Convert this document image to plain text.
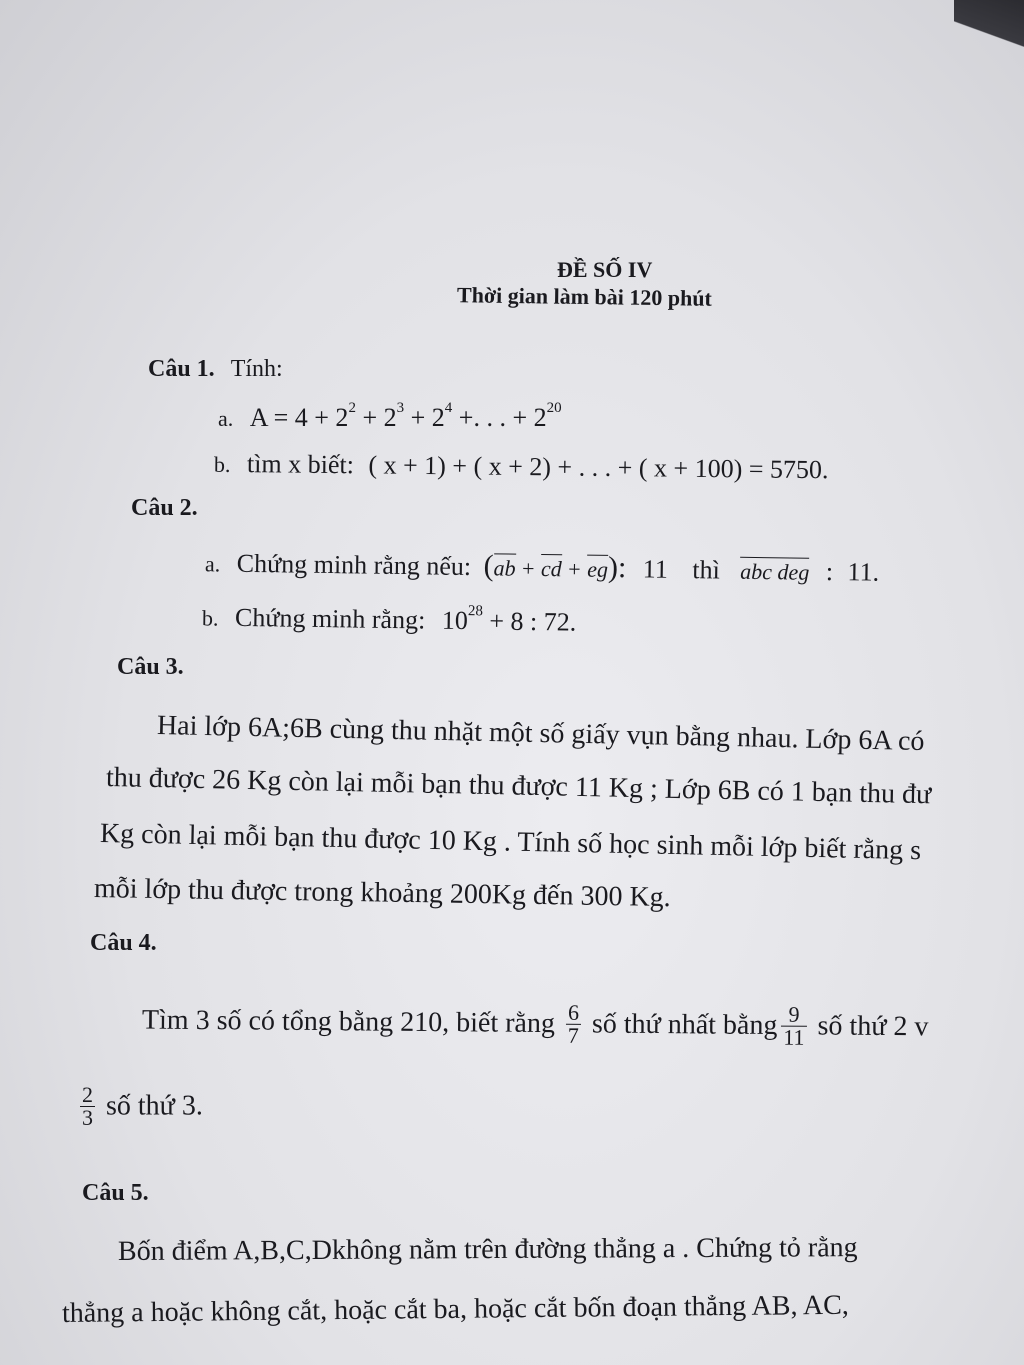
ĐỀ SỐ IV
Thời gian làm bài 120 phút
Câu 1. Tính:
a. $A = 4 + 2^2 + 2^3 + 2^4$ +. . . + $2^{20}$
b. tìm x biết: ( x + 1) + ( x + 2) + . . . + ( x + 100) = 5750.
Câu 2.
a. Chứng minh rằng nếu: (ab + cd + eg): 11 thì abc deg : 11.
b. Chứng minh rằng: $10^{28} + 8$ : 72.
Câu 3.
Hai lớp 6A;6B cùng thu nhặt một số giấy vụn bằng nhau. Lớp 6A có
thu được 26 Kg còn lại mỗi bạn thu được 11 Kg ; Lớp 6B có 1 bạn thu đư
Kg còn lại mỗi bạn thu được 10 Kg . Tính số học sinh mỗi lớp biết rằng s
mỗi lớp thu được trong khoảng 200Kg đến 300 Kg.
Câu 4.
Tìm 3 số có tổng bằng 210, biết rằng $\frac{6}{7}$ số thứ nhất bằng $\frac{9}{11}$ số thứ 2 v
$\frac{2}{3}$ số thứ 3.
Câu 5.
Bốn điểm A,B,C,Dkhông nằm trên đường thẳng a . Chứng tỏ rằng
thẳng a hoặc không cắt, hoặc cắt ba, hoặc cắt bốn đoạn thẳng AB, AC,
